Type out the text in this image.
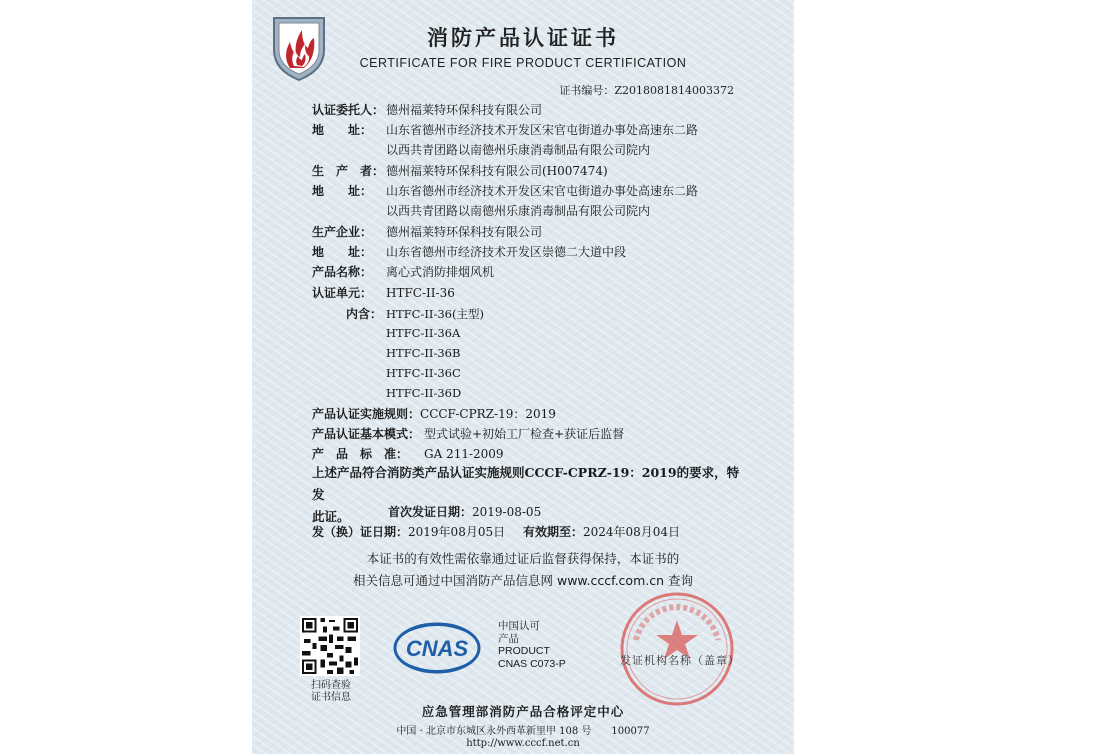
消防产品认证证书
CERTIFICATE FOR FIRE PRODUCT CERTIFICATION
证书编号：Z2018081814003372
认证委托人： 德州福莱特环保科技有限公司
地　　址： 山东省德州市经济技术开发区宋官屯街道办事处高速东二路
以西共青团路以南德州乐康消毒制品有限公司院内
生　产　者： 德州福莱特环保科技有限公司(H007474)
地　　址： 山东省德州市经济技术开发区宋官屯街道办事处高速东二路
以西共青团路以南德州乐康消毒制品有限公司院内
生产企业： 德州福莱特环保科技有限公司
地　　址： 山东省德州市经济技术开发区崇德二大道中段
产品名称： 离心式消防排烟风机
认证单元： HTFC-II-36
内含： HTFC-II-36(主型)
HTFC-II-36A
HTFC-II-36B
HTFC-II-36C
HTFC-II-36D
产品认证实施规则：CCCF-CPRZ-19：2019
产品认证基本模式： 型式试验+初始工厂检查+获证后监督
产　品　标　准： GA 211-2009
上述产品符合消防类产品认证实施规则CCCF-CPRZ-19：2019的要求，特发
此证。	首次发证日期：2019-08-05
发（换）证日期：2019年08月05日 有效期至：2024年08月04日
本证书的有效性需依靠通过证后监督获得保持，本证书的
相关信息可通过中国消防产品信息网 www.cccf.com.cn 查询
扫码查验
证书信息
CNAS
中国认可
产品
PRODUCT
CNAS C073-P	发证机构名称（盖章）
应急管理部消防产品合格评定中心
中国 · 北京市东城区永外西革新里甲 108 号　　100077
http://www.cccf.net.cn
